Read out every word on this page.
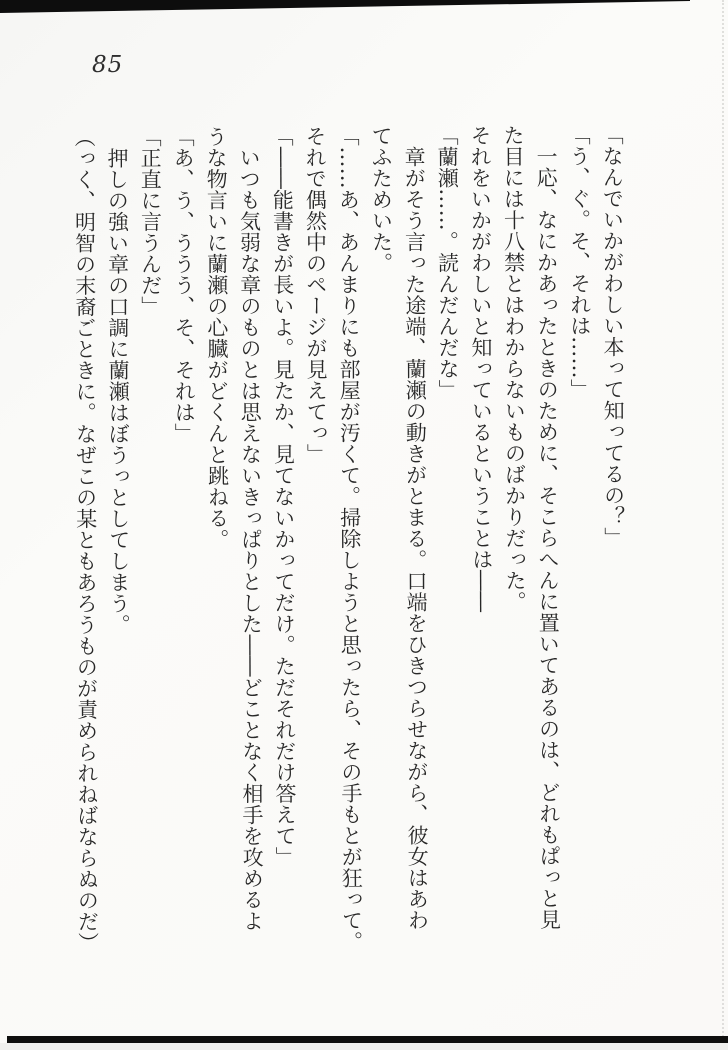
85
「なんでいかがわしい本って知ってるの？」
「う、ぐ。そ、それは……」
　一応、なにかあったときのために、そこらへんに置いてあるのは、どれもぱっと見
た目には十八禁とはわからないものばかりだった。
それをいかがわしいと知っているということは――
「蘭瀬……。読んだんだな」
　章がそう言った途端、蘭瀬の動きがとまる。口端をひきつらせながら、彼女はあわ
てふためいた。
「……あ、あんまりにも部屋が汚くて。掃除しようと思ったら、その手もとが狂って。
それで偶然中のページが見えてっ」
「――能書きが長いよ。見たか、見てないかってだけ。ただそれだけ答えて」
　いつも気弱な章のものとは思えないきっぱりとした――どことなく相手を攻めるよ
うな物言いに蘭瀬の心臓がどくんと跳ねる。
「あ、う、ううう、そ、それは」
「正直に言うんだ」
　押しの強い章の口調に蘭瀬はぼうっとしてしまう。
（っく、明智の末裔ごときに。なぜこの某ともあろうものが責められねばならぬのだ）
